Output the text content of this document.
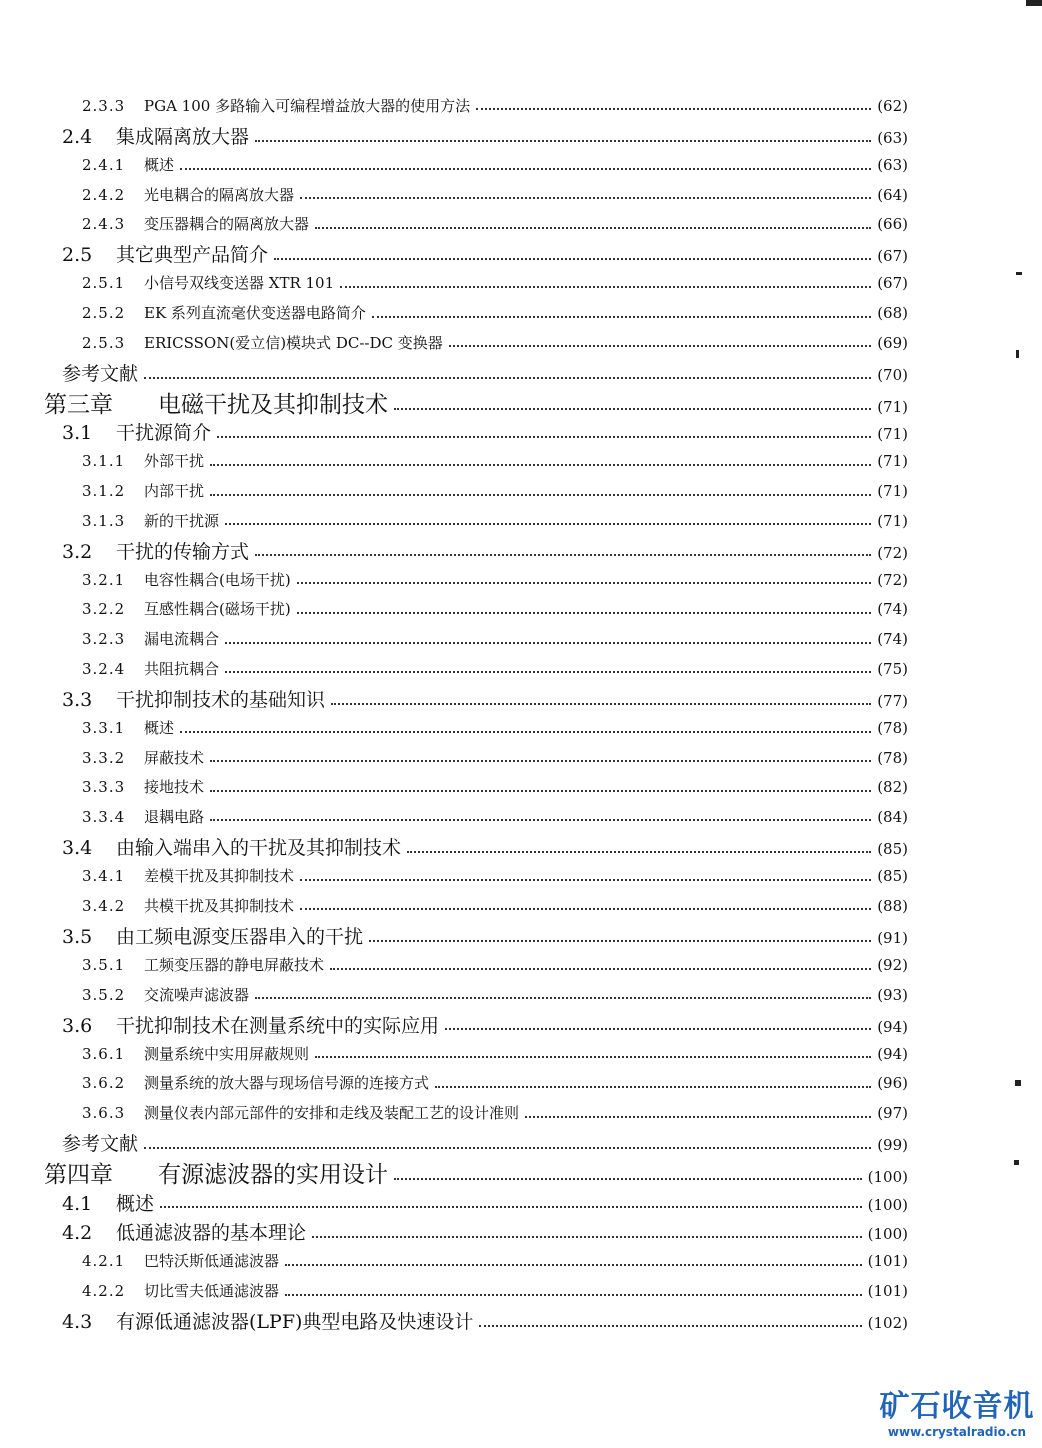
2.3.3	PGA 100 多路输入可编程增益放大器的使用方法	(62)
2.4	集成隔离放大器	(63)
2.4.1	概述	(63)
2.4.2	光电耦合的隔离放大器	(64)
2.4.3	变压器耦合的隔离放大器	(66)
2.5	其它典型产品简介	(67)
2.5.1	小信号双线变送器 XTR 101	(67)
2.5.2	EK 系列直流毫伏变送器电路简介	(68)
2.5.3	ERICSSON(爱立信)模块式 DC--DC 变换器	(69)
参考文献	(70)
第三章	电磁干扰及其抑制技术	(71)
3.1	干扰源简介	(71)
3.1.1	外部干扰	(71)
3.1.2	内部干扰	(71)
3.1.3	新的干扰源	(71)
3.2	干扰的传输方式	(72)
3.2.1	电容性耦合(电场干扰)	(72)
3.2.2	互感性耦合(磁场干扰)	(74)
3.2.3	漏电流耦合	(74)
3.2.4	共阻抗耦合	(75)
3.3	干扰抑制技术的基础知识	(77)
3.3.1	概述	(78)
3.3.2	屏蔽技术	(78)
3.3.3	接地技术	(82)
3.3.4	退耦电路	(84)
3.4	由输入端串入的干扰及其抑制技术	(85)
3.4.1	差模干扰及其抑制技术	(85)
3.4.2	共模干扰及其抑制技术	(88)
3.5	由工频电源变压器串入的干扰	(91)
3.5.1	工频变压器的静电屏蔽技术	(92)
3.5.2	交流噪声滤波器	(93)
3.6	干扰抑制技术在测量系统中的实际应用	(94)
3.6.1	测量系统中实用屏蔽规则	(94)
3.6.2	测量系统的放大器与现场信号源的连接方式	(96)
3.6.3	测量仪表内部元部件的安排和走线及装配工艺的设计准则	(97)
参考文献	(99)
第四章	有源滤波器的实用设计	(100)
4.1	概述	(100)
4.2	低通滤波器的基本理论	(100)
4.2.1	巴特沃斯低通滤波器	(101)
4.2.2	切比雪夫低通滤波器	(101)
4.3	有源低通滤波器(LPF)典型电路及快速设计	(102)
矿石收音机
www.crystalradio.cn
